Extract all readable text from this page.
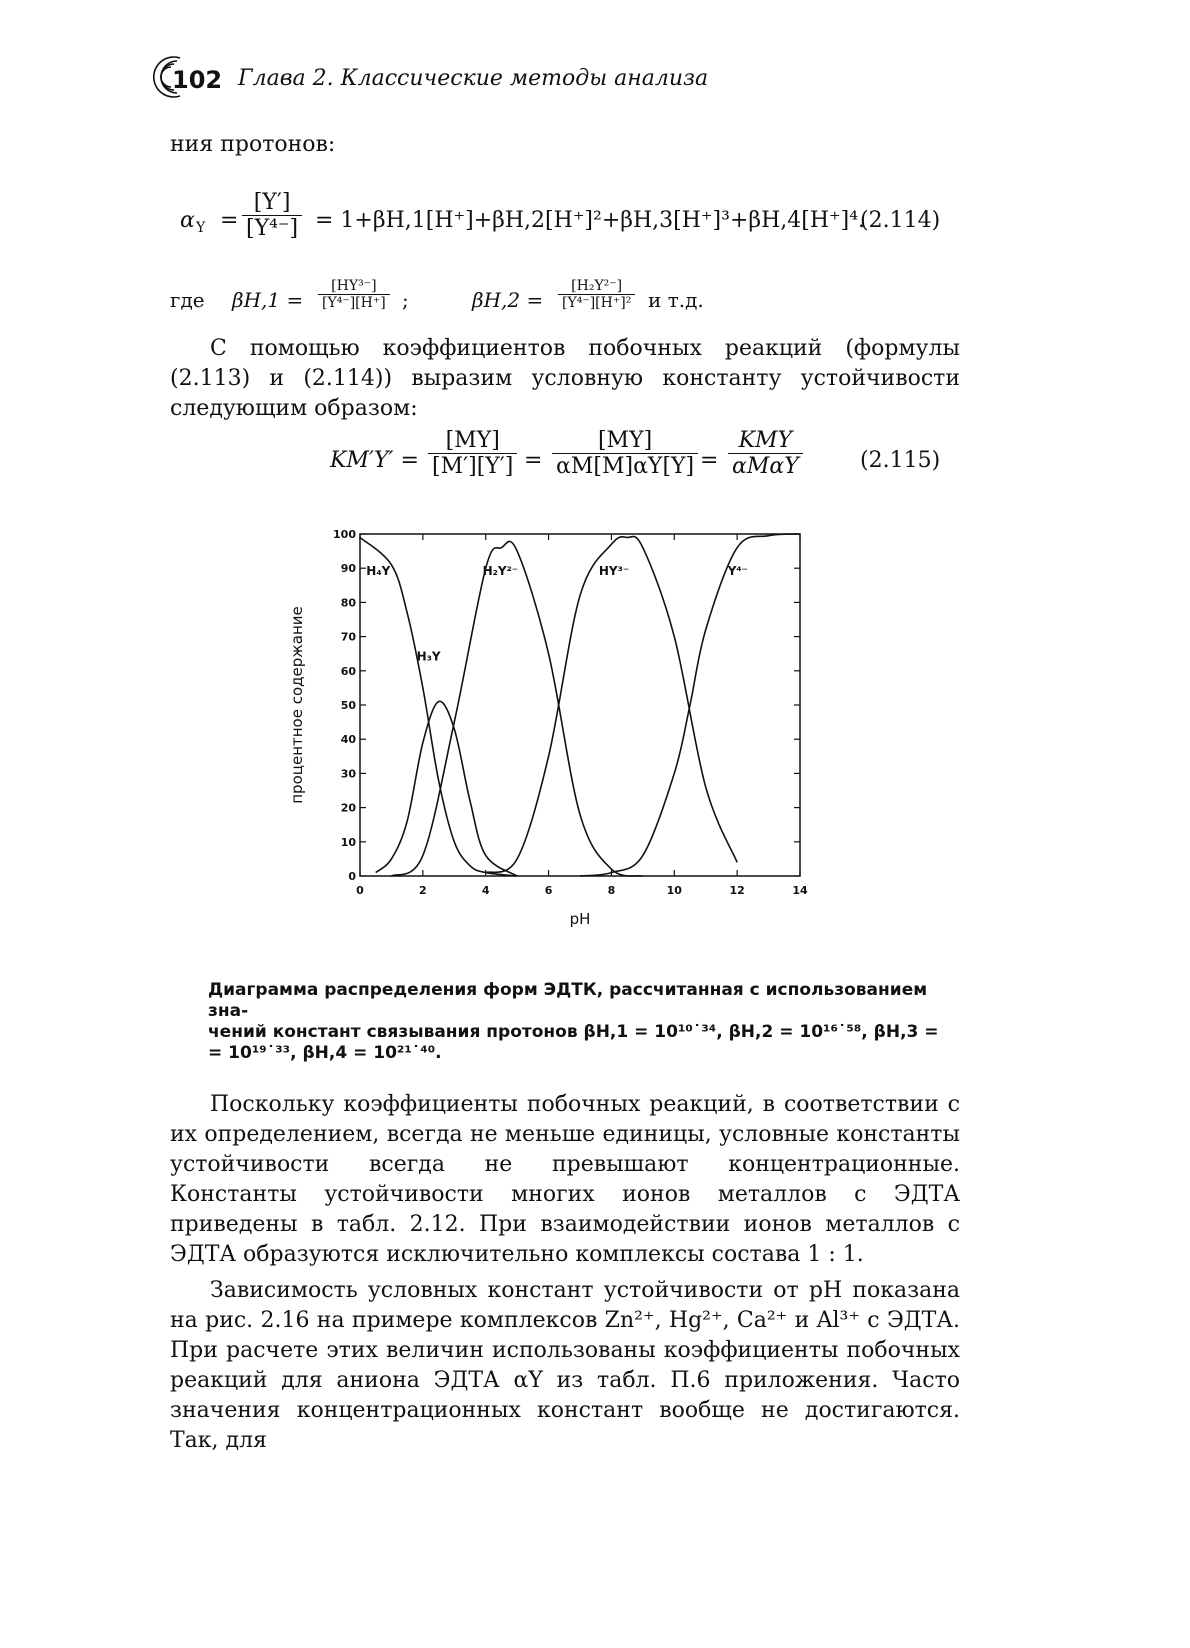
102 Глава 2. Классические методы анализа
ния протонов:
α $Y = \frac{[Y']}{\text{[Y⁴⁻]}} = 1+\beta H,1[H^+]+\beta H,2[H^+]^2+\beta H,3[H^+]^3+\beta H,4[H^+]^4$.
(2.114)
где $\beta H,1 = \frac{\text{[HY³⁻]}}{\text{[Y⁴⁻][H⁺]}}$ ;	$\beta H,2 = \frac{\text{[H₂Y²⁻]}}{\text{[Y⁴⁻][H⁺]²}}$ и т.д.
С помощью коэффициентов побочных реакций (формулы (2.113) и (2.114)) выразим условную константу устойчивости следующим образом:
$KM'Y' = \frac{[MY]}{[M'][Y']} = \frac{[MY]}{\alpha M[M]\alpha Y[Y]}$ =
KMY
αMαY	(2.115)
0	2	4	6	8	10	12	14
0
10
20
30
40
50
60
70
80
90
100
pH
процентное содержание
H₄Y
H₃Y
H₂Y²⁻	HY³⁻	Y⁴⁻
Диаграмма распределения форм ЭДТК, рассчитанная с использованием зна-
чений констант связывания протонов βH,1 = 10¹⁰˙³⁴, βH,2 = 10¹⁶˙⁵⁸, βH,3 =
= 10¹⁹˙³³, βH,4 = 10²¹˙⁴⁰.
Поскольку коэффициенты побочных реакций, в соответствии с их определением, всегда не меньше единицы, условные константы устойчивости всегда не превышают концентрационные. Константы устойчивости многих ионов металлов с ЭДТА приведены в табл. 2.12. При взаимодействии ионов металлов с ЭДТА образуются исключительно комплексы состава 1 : 1.
Зависимость условных констант устойчивости от pH показана на рис. 2.16 на примере комплексов Zn²⁺, Hg²⁺, Ca²⁺ и Al³⁺ с ЭДТА. При расчете этих величин использованы коэффициенты побочных реакций для аниона ЭДТА αY из табл. П.6 приложения. Часто значения концентрационных констант вообще не достигаются. Так, для
